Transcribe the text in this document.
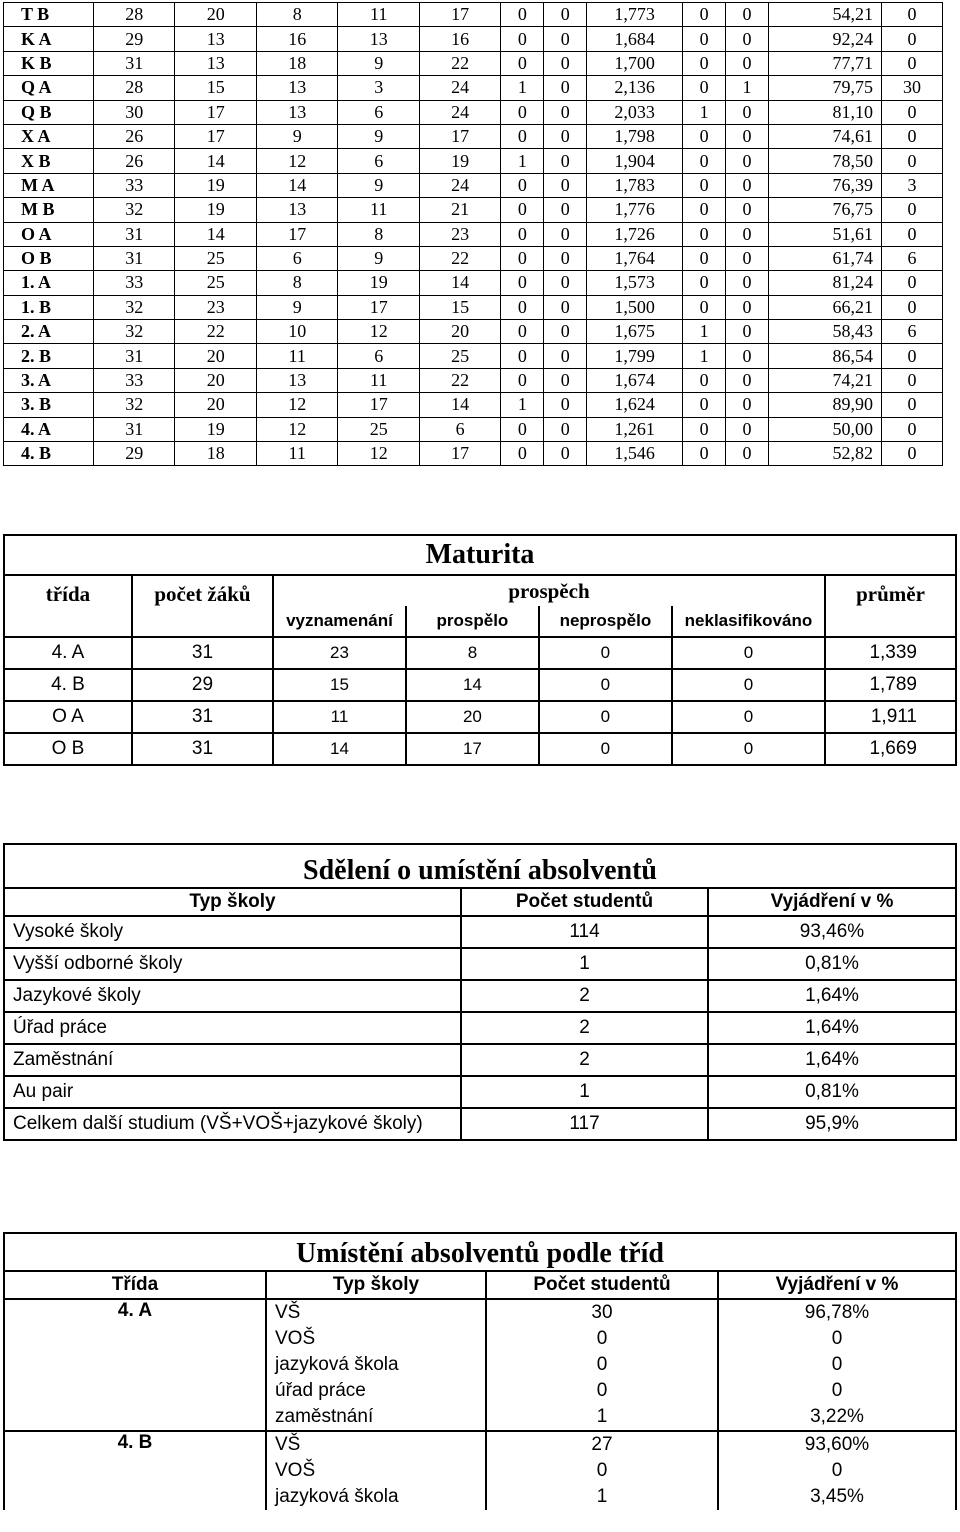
T B	28	20	8	11	17	0	0	1,773	0	0	54,21	0
K A	29	13	16	13	16	0	0	1,684	0	0	92,24	0
K B	31	13	18	9	22	0	0	1,700	0	0	77,71	0
Q A	28	15	13	3	24	1	0	2,136	0	1	79,75	30
Q B	30	17	13	6	24	0	0	2,033	1	0	81,10	0
X A	26	17	9	9	17	0	0	1,798	0	0	74,61	0
X B	26	14	12	6	19	1	0	1,904	0	0	78,50	0
M A	33	19	14	9	24	0	0	1,783	0	0	76,39	3
M B	32	19	13	11	21	0	0	1,776	0	0	76,75	0
O A	31	14	17	8	23	0	0	1,726	0	0	51,61	0
O B	31	25	6	9	22	0	0	1,764	0	0	61,74	6
1. A	33	25	8	19	14	0	0	1,573	0	0	81,24	0
1. B	32	23	9	17	15	0	0	1,500	0	0	66,21	0
2. A	32	22	10	12	20	0	0	1,675	1	0	58,43	6
2. B	31	20	11	6	25	0	0	1,799	1	0	86,54	0
3. A	33	20	13	11	22	0	0	1,674	0	0	74,21	0
3. B	32	20	12	17	14	1	0	1,624	0	0	89,90	0
4. A	31	19	12	25	6	0	0	1,261	0	0	50,00	0
4. B	29	18	11	12	17	0	0	1,546	0	0	52,82	0
Maturita						
třída	počet žáků	prospěch				průměr
		vyznamenání	prospělo	neprospělo	neklasifikováno	
4. A	31	23	8	0	0	1,339
4. B	29	15	14	0	0	1,789
O A	31	11	20	0	0	1,911
O B	31	14	17	0	0	1,669
Sdělení o umístění absolventů		
Typ školy	Počet studentů	Vyjádření v %
Vysoké školy	114	93,46%
Vyšší odborné školy	1	0,81%
Jazykové školy	2	1,64%
Úřad práce	2	1,64%
Zaměstnání	2	1,64%
Au pair	1	0,81%
Celkem další studium (VŠ+VOŠ+jazykové školy)	117	95,9%
Umístění absolventů podle tříd			
Třída	Typ školy	Počet studentů	Vyjádření v %
4. A	VŠ	30	96,78%
	VOŠ	0	0
	jazyková škola	0	0
	úřad práce	0	0
	zaměstnání	1	3,22%
4. B	VŠ	27	93,60%
	VOŠ	0	0
	jazyková škola	1	3,45%
